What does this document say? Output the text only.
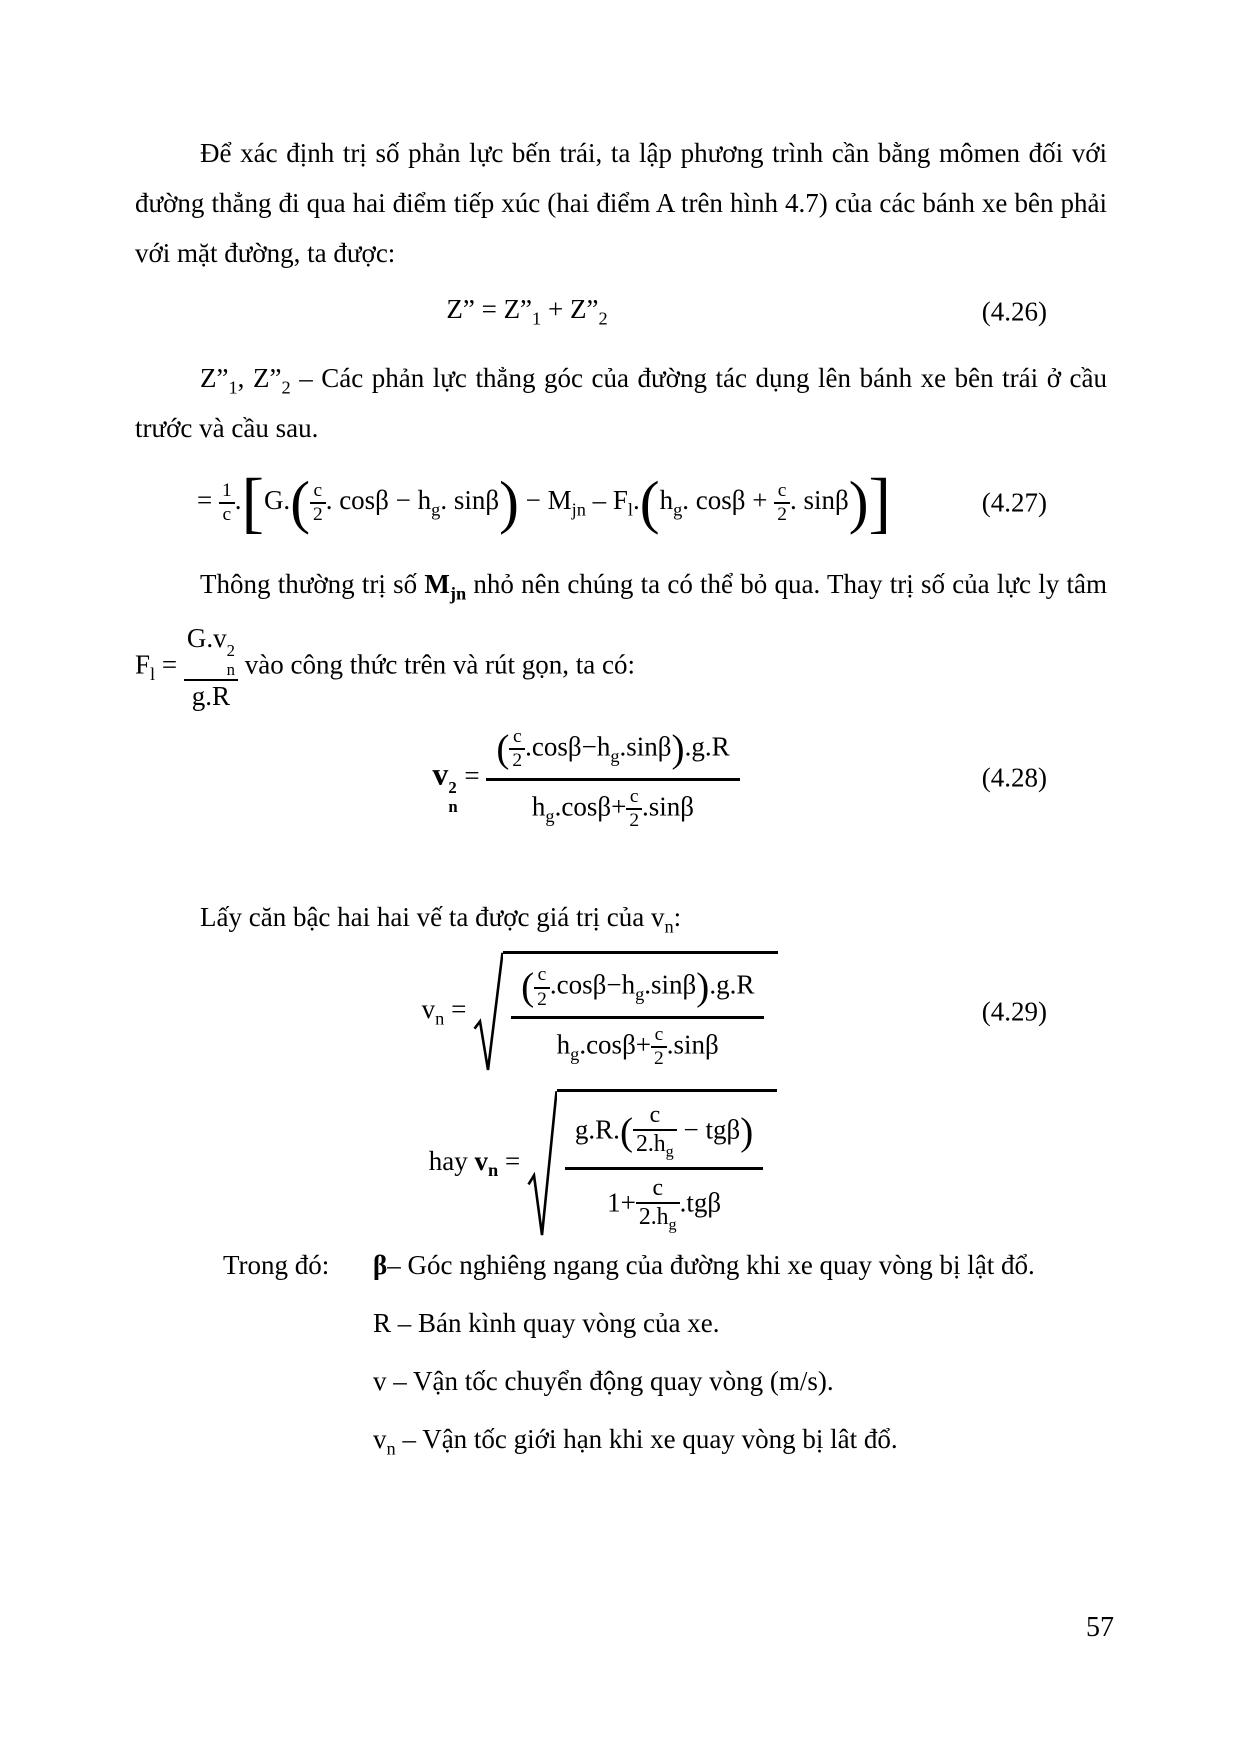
Để xác định trị số phản lực bến trái, ta lập phương trình cần bằng mômen đối với
đường thẳng đi qua hai điểm tiếp xúc (hai điểm A trên hình 4.7) của các bánh xe bên phải
với mặt đường, ta được:
Z” = $Z”_1$ + $Z”_2$	(4.26)
$Z”_1$, $Z”_2$ – Các phản lực thẳng góc của đường tác dụng lên bánh xe bên trái ở cầu
trước và cầu sau.
= $\frac{1}{c} .[G.( \frac{c}{2}$ . $\cos\beta - h_g$. $\sin\beta) - M_{jn} - F_l.(h_g$. $\cos\beta + \frac{c}{2}$ . sinβ)]	(4.27)
Thông thường trị số $M_{jn}$ nhỏ nên chúng ta có thể bỏ qua. Thay trị số của lực ly tâm
$F_l = G.v$ 2
n
g.R vào công thức trên và rút gọn, ta có:
v 2
n
= $\frac{( \frac{c}{2} .\cos\beta-h_g.\sin\beta).g.R}{h_g.\cos\beta+ \frac{c}{2} .\sin\beta}$	(4.28)
Lấy căn bậc hai hai vế ta được giá trị của $v_n$:
$v_n = \frac{( \frac{c}{2} .\cos\beta-h_g.\sin\beta).g.R}{h_g.\cos\beta+ \frac{c}{2} .\sin\beta}$	(4.29)
hay $v_n = \frac{g.R.( \frac{c}{2.h_g} - tg\beta)}{1+ \frac{c}{2.h_g} .tg\beta}$
Trong đó: β– Góc nghiêng ngang của đường khi xe quay vòng bị lật đổ.
R – Bán kình quay vòng của xe.
v – Vận tốc chuyển động quay vòng (m/s).
$v_n$ – Vận tốc giới hạn khi xe quay vòng bị lât đổ.
57
